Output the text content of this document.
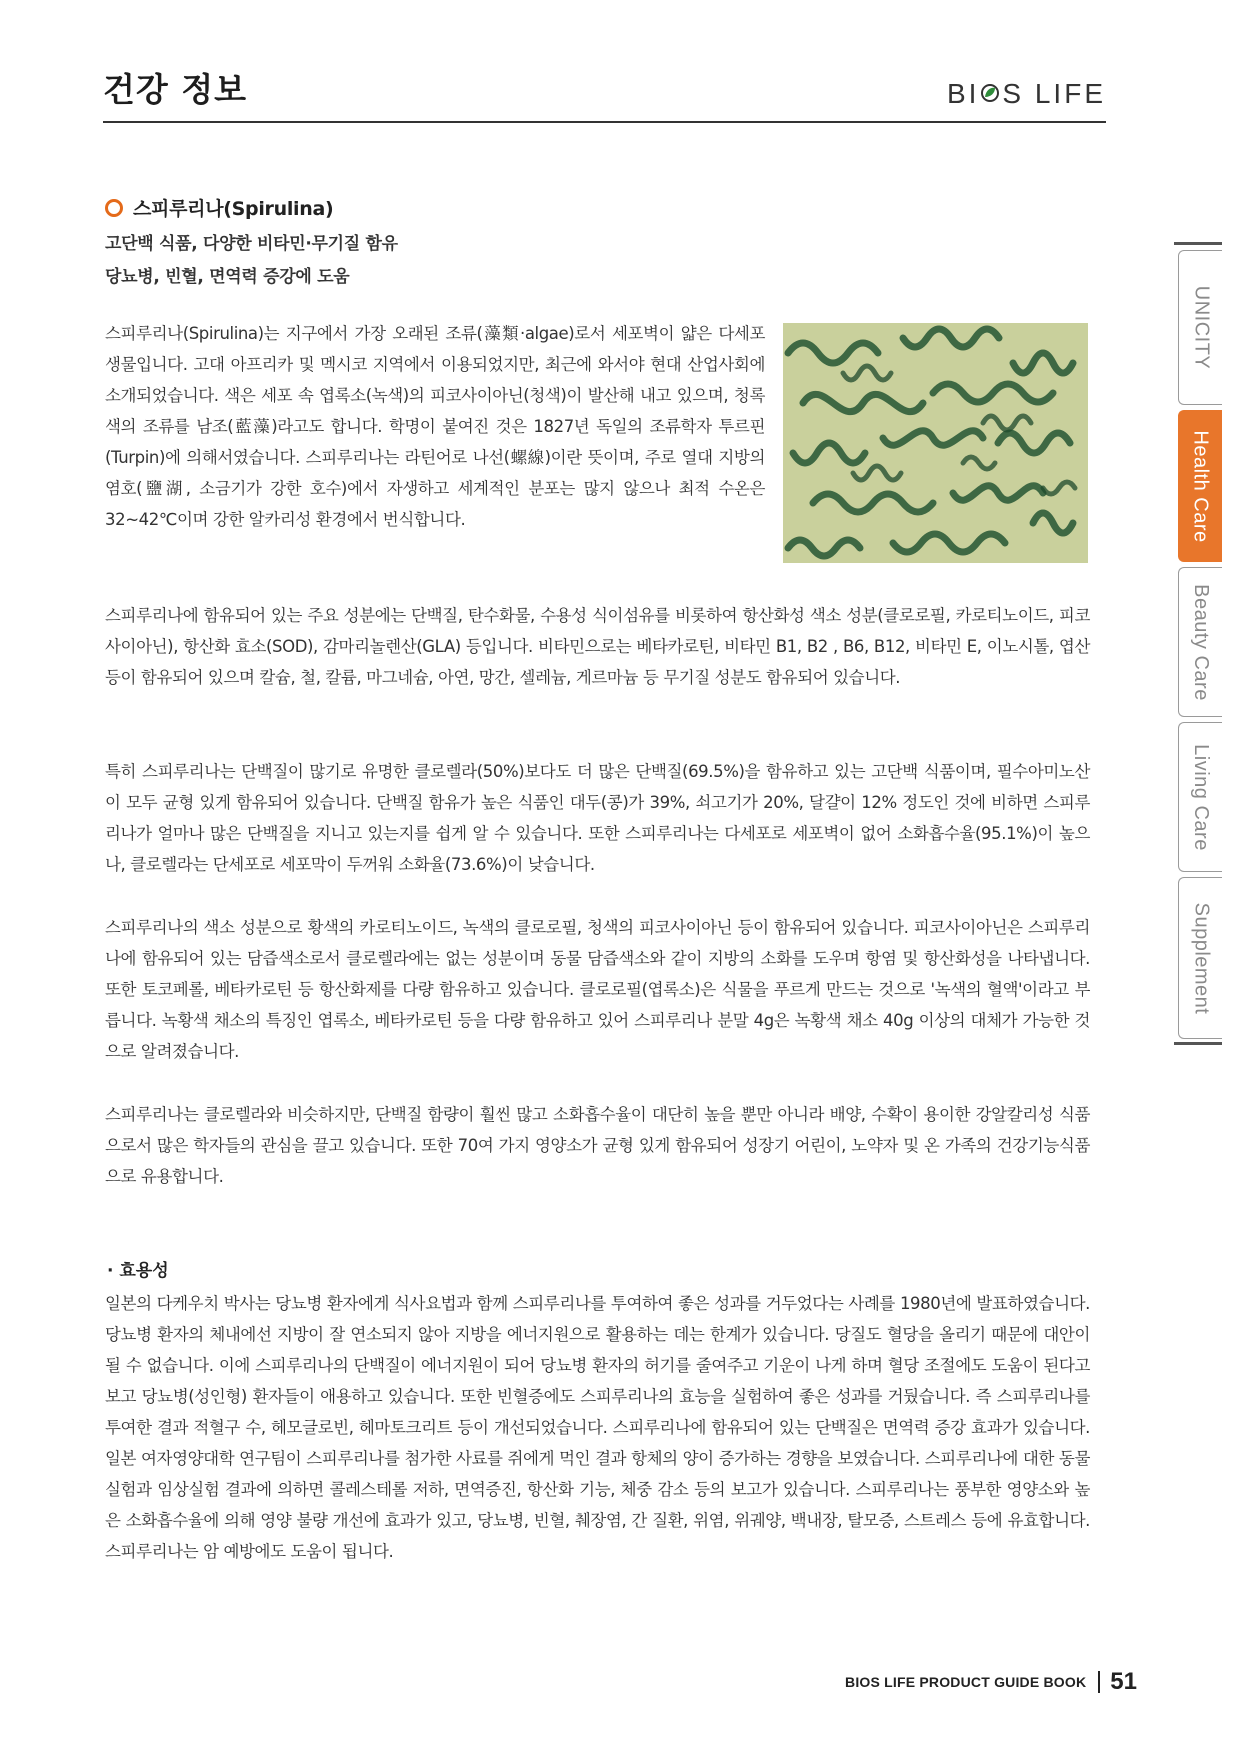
건강 정보	BI S LIFE
스피루리나(Spirulina)
고단백 식품, 다양한 비타민·무기질 함유
당뇨병, 빈혈, 면역력 증강에 도움

스피루리나(Spirulina)는 지구에서 가장 오래된 조류(藻類·algae)로서 세포벽이 얇은 다세포 생물입니다. 고대 아프리카 및 멕시코 지역에서 이용되었지만, 최근에 와서야 현대 산업사회에 소개되었습니다. 색은 세포 속 엽록소(녹색)의 피코사이아닌(청색)이 발산해 내고 있으며, 청록색의 조류를 남조(藍藻)라고도 합니다. 학명이 붙여진 것은 1827년 독일의 조류학자 투르핀(Turpin)에 의해서였습니다. 스피루리나는 라틴어로 나선(螺線)이란 뜻이며, 주로 열대 지방의 염호(鹽湖, 소금기가 강한 호수)에서 자생하고 세계적인 분포는 많지 않으나 최적 수온은 32~42℃이며 강한 알카리성 환경에서 번식합니다.

스피루리나에 함유되어 있는 주요 성분에는 단백질, 탄수화물, 수용성 식이섬유를 비롯하여 항산화성 색소 성분(클로로필, 카로티노이드, 피코사이아닌), 항산화 효소(SOD), 감마리놀렌산(GLA) 등입니다. 비타민으로는 베타카로틴, 비타민 B1, B2 , B6, B12, 비타민 E, 이노시톨, 엽산 등이 함유되어 있으며 칼슘, 철, 칼륨, 마그네슘, 아연, 망간, 셀레늄, 게르마늄 등 무기질 성분도 함유되어 있습니다.

특히 스피루리나는 단백질이 많기로 유명한 클로렐라(50%)보다도 더 많은 단백질(69.5%)을 함유하고 있는 고단백 식품이며, 필수아미노산이 모두 균형 있게 함유되어 있습니다. 단백질 함유가 높은 식품인 대두(콩)가 39%, 쇠고기가 20%, 달걀이 12% 정도인 것에 비하면 스피루리나가 얼마나 많은 단백질을 지니고 있는지를 쉽게 알 수 있습니다. 또한 스피루리나는 다세포로 세포벽이 없어 소화흡수율(95.1%)이 높으나, 클로렐라는 단세포로 세포막이 두꺼워 소화율(73.6%)이 낮습니다.

스피루리나의 색소 성분으로 황색의 카로티노이드, 녹색의 클로로필, 청색의 피코사이아닌 등이 함유되어 있습니다. 피코사이아닌은 스피루리나에 함유되어 있는 담즙색소로서 클로렐라에는 없는 성분이며 동물 담즙색소와 같이 지방의 소화를 도우며 항염 및 항산화성을 나타냅니다. 또한 토코페롤, 베타카로틴 등 항산화제를 다량 함유하고 있습니다. 클로로필(엽록소)은 식물을 푸르게 만드는 것으로 '녹색의 혈액'이라고 부릅니다. 녹황색 채소의 특징인 엽록소, 베타카로틴 등을 다량 함유하고 있어 스피루리나 분말 4g은 녹황색 채소 40g 이상의 대체가 가능한 것으로 알려졌습니다.

스피루리나는 클로렐라와 비슷하지만, 단백질 함량이 훨씬 많고 소화흡수율이 대단히 높을 뿐만 아니라 배양, 수확이 용이한 강알칼리성 식품으로서 많은 학자들의 관심을 끌고 있습니다. 또한 70여 가지 영양소가 균형 있게 함유되어 성장기 어린이, 노약자 및 온 가족의 건강기능식품으로 유용합니다.

· 효용성

일본의 다케우치 박사는 당뇨병 환자에게 식사요법과 함께 스피루리나를 투여하여 좋은 성과를 거두었다는 사례를 1980년에 발표하였습니다. 당뇨병 환자의 체내에선 지방이 잘 연소되지 않아 지방을 에너지원으로 활용하는 데는 한계가 있습니다. 당질도 혈당을 올리기 때문에 대안이 될 수 없습니다. 이에 스피루리나의 단백질이 에너지원이 되어 당뇨병 환자의 허기를 줄여주고 기운이 나게 하며 혈당 조절에도 도움이 된다고 보고 당뇨병(성인형) 환자들이 애용하고 있습니다. 또한 빈혈증에도 스피루리나의 효능을 실험하여 좋은 성과를 거뒀습니다. 즉 스피루리나를 투여한 결과 적혈구 수, 헤모글로빈, 헤마토크리트 등이 개선되었습니다. 스피루리나에 함유되어 있는 단백질은 면역력 증강 효과가 있습니다. 일본 여자영양대학 연구팀이 스피루리나를 첨가한 사료를 쥐에게 먹인 결과 항체의 양이 증가하는 경향을 보였습니다. 스피루리나에 대한 동물실험과 임상실험 결과에 의하면 콜레스테롤 저하, 면역증진, 항산화 기능, 체중 감소 등의 보고가 있습니다. 스피루리나는 풍부한 영양소와 높은 소화흡수율에 의해 영양 불량 개선에 효과가 있고, 당뇨병, 빈혈, 췌장염, 간 질환, 위염, 위궤양, 백내장, 탈모증, 스트레스 등에 유효합니다. 스피루리나는 암 예방에도 도움이 됩니다.

UNICITY
Health Care
Beauty Care
Living Care
Supplement
BIOS LIFE PRODUCT GUIDE BOOK 51
